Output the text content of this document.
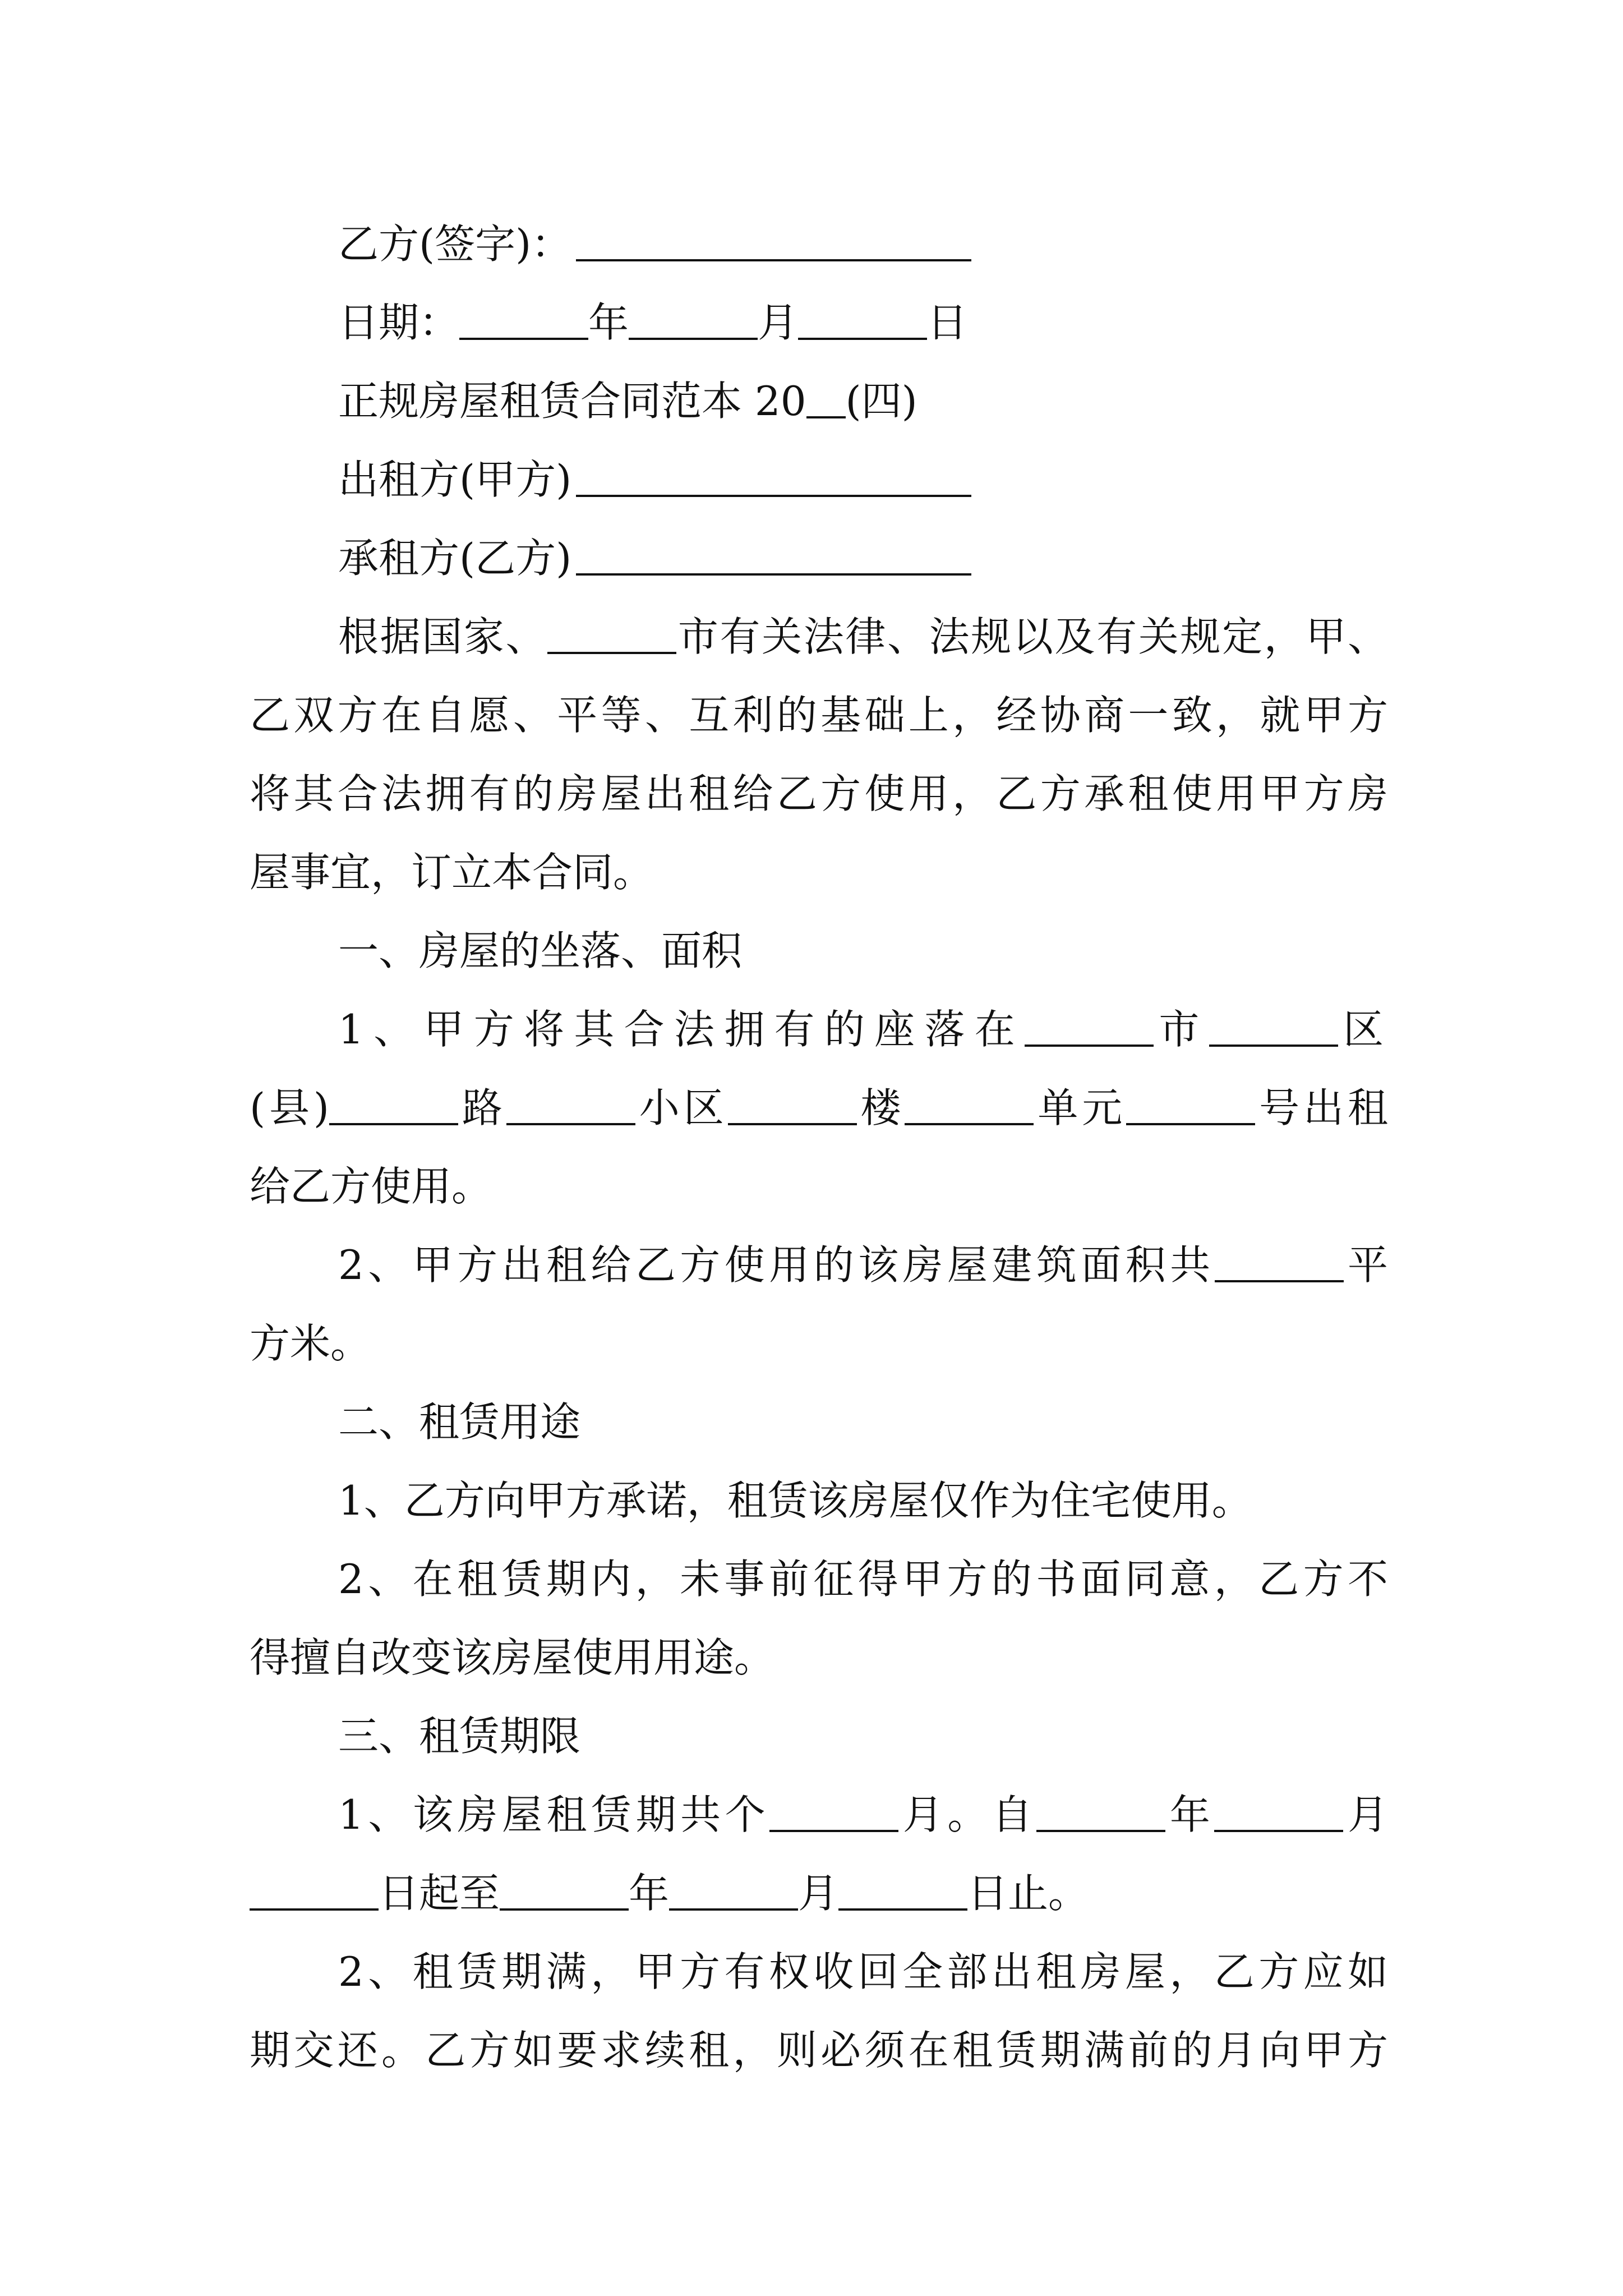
乙方(签字)：
日期：	年	月	日
正规房屋租赁合同范本 20 (四)
出租方(甲方)
承租方(乙方)
根据国家、	市有关法律、法规以及有关规定，甲、
乙双方在自愿、平等、互利的基础上，经协商一致，就甲方
将其合法拥有的房屋出租给乙方使用，乙方承租使用甲方房
屋事宜，订立本合同。
一、房屋的坐落、面积
1、甲方将其合法拥有的座落在	市	区
(县)	路	小区	楼	单元	号出租
给乙方使用。
2、甲方出租给乙方使用的该房屋建筑面积共	平
方米。
二、租赁用途
1、乙方向甲方承诺，租赁该房屋仅作为住宅使用。
2、在租赁期内，未事前征得甲方的书面同意，乙方不
得擅自改变该房屋使用用途。
三、租赁期限
1、该房屋租赁期共个	月。自	年	月
日起至	年	月	日止。
2、租赁期满，甲方有权收回全部出租房屋，乙方应如
期交还。乙方如要求续租，则必须在租赁期满前的月向甲方
